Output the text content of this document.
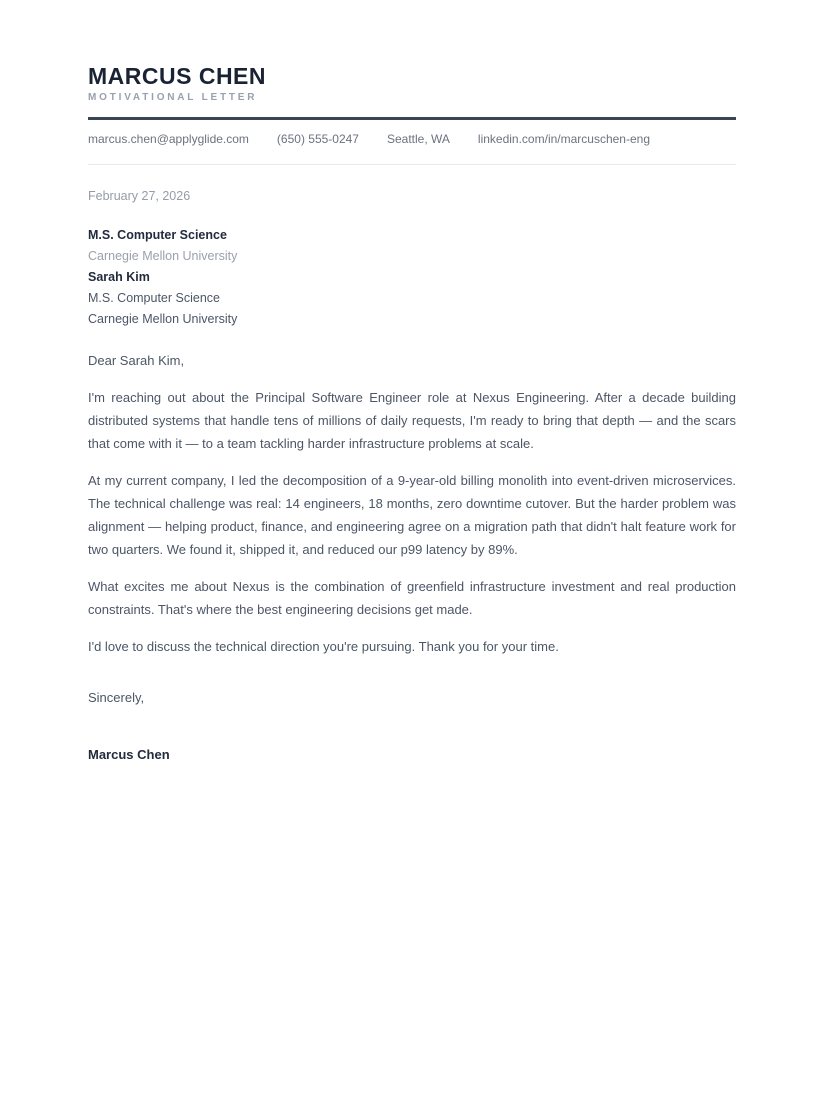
MARCUS CHEN
MOTIVATIONAL LETTER
marcus.chen@applyglide.com (650) 555-0247 Seattle, WA linkedin.com/in/marcuschen-eng
February 27, 2026
M.S. Computer Science
Carnegie Mellon University
Sarah Kim
M.S. Computer Science
Carnegie Mellon University

Dear Sarah Kim,

I'm reaching out about the Principal Software Engineer role at Nexus Engineering. After a decade building distributed systems that handle tens of millions of daily requests, I'm ready to bring that depth — and the scars that come with it — to a team tackling harder infrastructure problems at scale.

At my current company, I led the decomposition of a 9-year-old billing monolith into event-driven microservices. The technical challenge was real: 14 engineers, 18 months, zero downtime cutover. But the harder problem was alignment — helping product, finance, and engineering agree on a migration path that didn't halt feature work for two quarters. We found it, shipped it, and reduced our p99 latency by 89%.

What excites me about Nexus is the combination of greenfield infrastructure investment and real production constraints. That's where the best engineering decisions get made.

I'd love to discuss the technical direction you're pursuing. Thank you for your time.

Sincerely,
Marcus Chen
